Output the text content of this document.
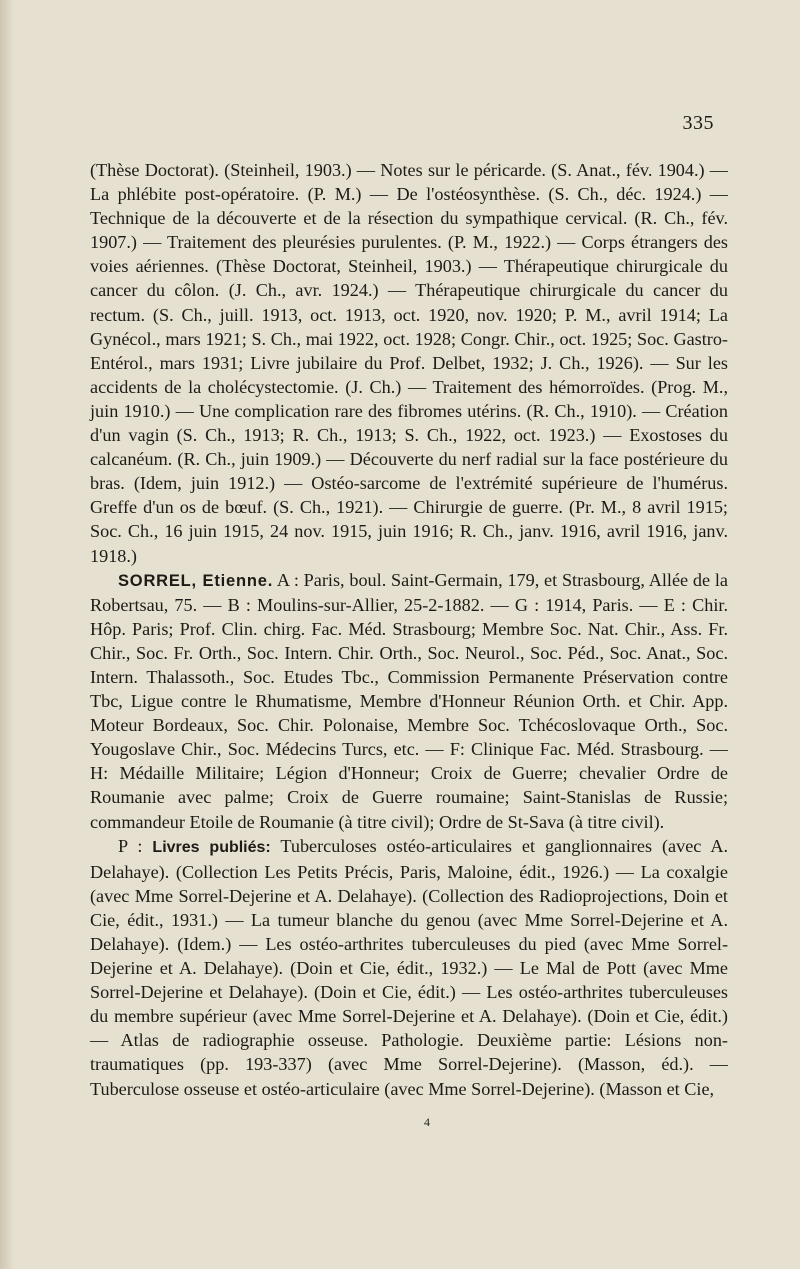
335

(Thèse Doctorat). (Steinheil, 1903.) — Notes sur le péricarde. (S. Anat., fév. 1904.) — La phlébite post-opératoire. (P. M.) — De l'ostéosynthèse. (S. Ch., déc. 1924.) — Technique de la découverte et de la résection du sympathique cervical. (R. Ch., fév. 1907.) — Traitement des pleurésies purulentes. (P. M., 1922.) — Corps étrangers des voies aériennes. (Thèse Doctorat, Steinheil, 1903.) — Thérapeutique chirurgicale du cancer du côlon. (J. Ch., avr. 1924.) — Thérapeutique chirurgicale du cancer du rectum. (S. Ch., juill. 1913, oct. 1913, oct. 1920, nov. 1920; P. M., avril 1914; La Gynécol., mars 1921; S. Ch., mai 1922, oct. 1928; Congr. Chir., oct. 1925; Soc. Gastro-Entérol., mars 1931; Livre jubilaire du Prof. Delbet, 1932; J. Ch., 1926). — Sur les accidents de la cholécystectomie. (J. Ch.) — Traitement des hémorroïdes. (Prog. M., juin 1910.) — Une complication rare des fibromes utérins. (R. Ch., 1910). — Création d'un vagin (S. Ch., 1913; R. Ch., 1913; S. Ch., 1922, oct. 1923.) — Exostoses du calcanéum. (R. Ch., juin 1909.) — Découverte du nerf radial sur la face postérieure du bras. (Idem, juin 1912.) — Ostéo-sarcome de l'extrémité supérieure de l'humérus. Greffe d'un os de bœuf. (S. Ch., 1921). — Chirurgie de guerre. (Pr. M., 8 avril 1915; Soc. Ch., 16 juin 1915, 24 nov. 1915, juin 1916; R. Ch., janv. 1916, avril 1916, janv. 1918.)

SORREL, Etienne. A : Paris, boul. Saint-Germain, 179, et Strasbourg, Allée de la Robertsau, 75. — B : Moulins-sur-Allier, 25-2-1882. — G : 1914, Paris. — E : Chir. Hôp. Paris; Prof. Clin. chirg. Fac. Méd. Strasbourg; Membre Soc. Nat. Chir., Ass. Fr. Chir., Soc. Fr. Orth., Soc. Intern. Chir. Orth., Soc. Neurol., Soc. Péd., Soc. Anat., Soc. Intern. Thalassoth., Soc. Etudes Tbc., Commission Permanente Préservation contre Tbc, Ligue contre le Rhumatisme, Membre d'Honneur Réunion Orth. et Chir. App. Moteur Bordeaux, Soc. Chir. Polonaise, Membre Soc. Tchécoslovaque Orth., Soc. Yougoslave Chir., Soc. Médecins Turcs, etc. — F: Clinique Fac. Méd. Strasbourg. — H: Médaille Militaire; Légion d'Honneur; Croix de Guerre; chevalier Ordre de Roumanie avec palme; Croix de Guerre roumaine; Saint-Stanislas de Russie; commandeur Etoile de Roumanie (à titre civil); Ordre de St-Sava (à titre civil).

P : Livres publiés: Tuberculoses ostéo-articulaires et ganglionnaires (avec A. Delahaye). (Collection Les Petits Précis, Paris, Maloine, édit., 1926.) — La coxalgie (avec Mme Sorrel-Dejerine et A. Delahaye). (Collection des Radioprojections, Doin et Cie, édit., 1931.) — La tumeur blanche du genou (avec Mme Sorrel-Dejerine et A. Delahaye). (Idem.) — Les ostéo-arthrites tuberculeuses du pied (avec Mme Sorrel-Dejerine et A. Delahaye). (Doin et Cie, édit., 1932.) — Le Mal de Pott (avec Mme Sorrel-Dejerine et Delahaye). (Doin et Cie, édit.) — Les ostéo-arthrites tuberculeuses du membre supérieur (avec Mme Sorrel-Dejerine et A. Delahaye). (Doin et Cie, édit.) — Atlas de radiographie osseuse. Pathologie. Deuxième partie: Lésions non-traumatiques (pp. 193-337) (avec Mme Sorrel-Dejerine). (Masson, éd.). — Tuberculose osseuse et ostéo-articulaire (avec Mme Sorrel-Dejerine). (Masson et Cie,

4
